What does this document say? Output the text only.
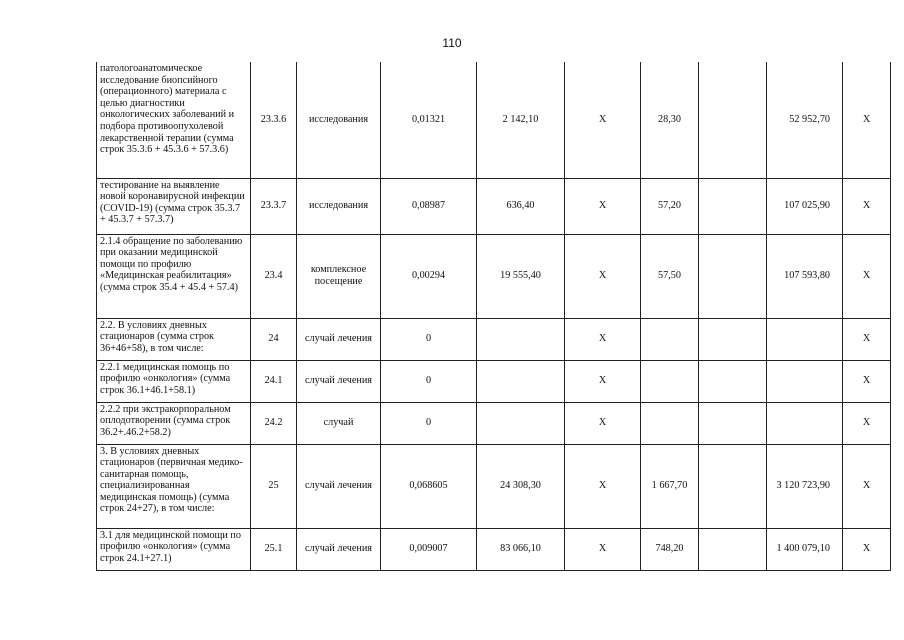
110
патологоанатомическое исследование биопсийного (операционного) материала с целью диагностики онкологических заболеваний и подбора противоопухолевой лекарственной терапии (сумма строк 35.3.6 + 45.3.6 + 57.3.6)	23.3.6	исследования	0,01321	2 142,10	X	28,30		52 952,70	X
тестирование на выявление новой коронавирусной инфекции (COVID-19) (сумма строк 35.3.7 + 45.3.7 + 57.3.7)	23.3.7	исследования	0,08987	636,40	X	57,20		107 025,90	X
2.1.4 обращение по заболеванию при оказании медицинской помощи по профилю «Медицинская реабилитация» (сумма строк 35.4 + 45.4 + 57.4)	23.4	комплексное посещение	0,00294	19 555,40	X	57,50		107 593,80	X
2.2. В условиях дневных стационаров (сумма строк 36+46+58), в том числе:	24	случай лечения	0		X				X
2.2.1 медицинская помощь по профилю «онкология» (сумма строк 36.1+46.1+58.1)	24.1	случай лечения	0		X				X
2.2.2 при экстракорпоральном оплодотворении (сумма строк 36.2+.46.2+58.2)	24.2	случай	0		X				X
3. В условиях дневных стационаров (первичная медико-санитарная помощь, специализированная медицинская помощь) (сумма строк 24+27), в том числе:	25	случай лечения	0,068605	24 308,30	X	1 667,70		3 120 723,90	X
3.1 для медицинской помощи по профилю «онкология» (сумма строк 24.1+27.1)	25.1	случай лечения	0,009007	83 066,10	X	748,20		1 400 079,10	X
